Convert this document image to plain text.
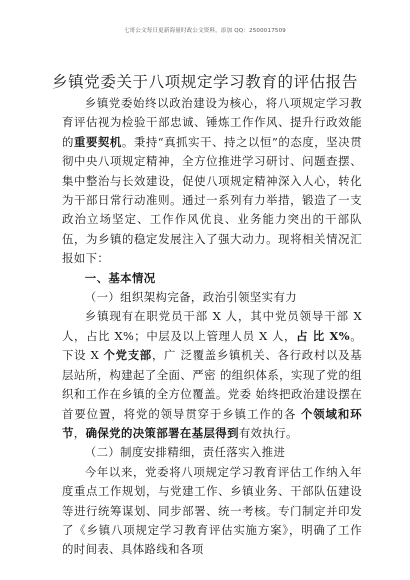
七哥公文每日更新海量时政公文资料，添加 QQ：2500017509
乡镇党委关于八项规定学习教育的评估报告

乡镇党委始终以政治建设为核心，将八项规定学习教育评估视为检验干部忠诚、锤炼工作作风、提升行政效能的重要契机。秉持“真抓实干、持之以恒”的态度，坚决贯彻中央八项规定精神，全方位推进学习研讨、问题查摆、集中整治与长效建设，促使八项规定精神深入人心，转化为干部日常行动准则。通过一系列有力举措，锻造了一支政治立场坚定、工作作风优良、业务能力突出的干部队伍，为乡镇的稳定发展注入了强大动力。现将相关情况汇报如下：

一、基本情况

（一）组织架构完备，政治引领坚实有力

乡镇现有在职党员干部 X 人，其中党员领导干部 X 人，占比 X%；中层及以上管理人员 X 人，占 比 X%。下设 X 个党支部，广 泛覆盖乡镇机关、各行政村以及基层站所，构建起了全面、严密 的组织体系，实现了党的组织和工作在乡镇的全方位覆盖。党委 始终把政治建设摆在首要位置，将党的领导贯穿于乡镇工作的各 个领域和环节，确保党的决策部署在基层得到有效执行。

（二）制度安排精细，责任落实入推进

今年以来，党委将八项规定学习教育评估工作纳入年度重点工作规划，与党建工作、乡镇业务、干部队伍建设等进行统筹谋划、同步部署、统一考核。专门制定并印发了《乡镇八项规定学习教育评估实施方案》，明确了工作的时间表、具体路线和各项
